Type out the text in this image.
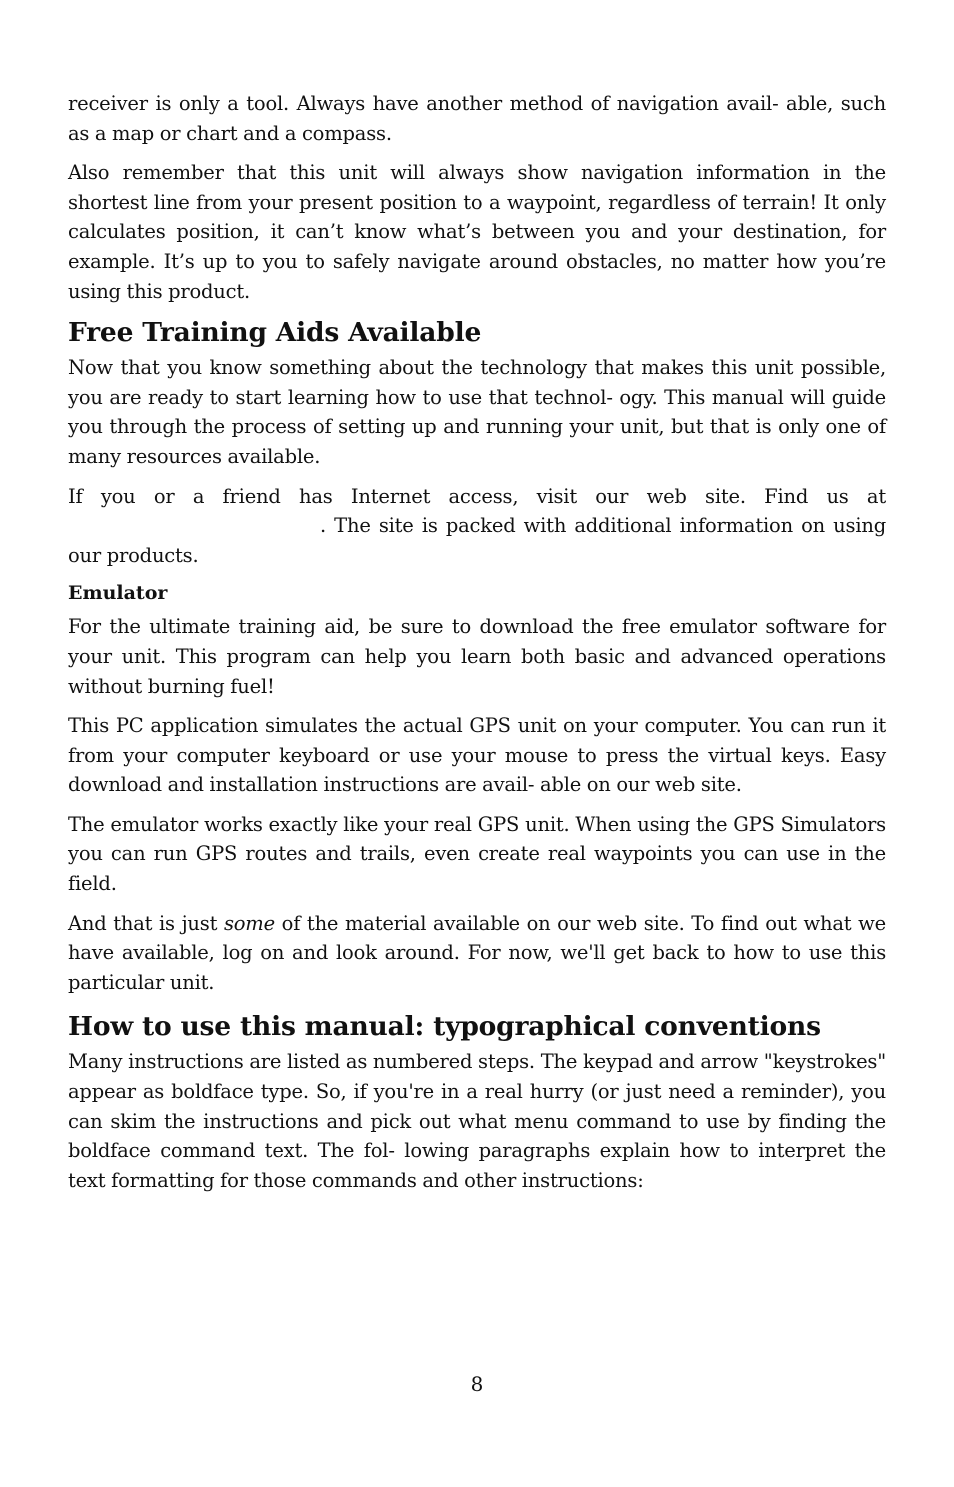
receiver is only a tool. Always have another method of navigation avail- able, such as a map or chart and a compass.

Also remember that this unit will always show navigation information in the shortest line from your present position to a waypoint, regardless of terrain! It only calculates position, it can’t know what’s between you and your destination, for example. It’s up to you to safely navigate around obstacles, no matter how you’re using this product.

Free Training Aids Available

Now that you know something about the technology that makes this unit possible, you are ready to start learning how to use that technol- ogy. This manual will guide you through the process of setting up and running your unit, but that is only one of many resources available.

If you or a friend has Internet access, visit our web site. Find us at . The site is packed with additional information on using our products.

Emulator

For the ultimate training aid, be sure to download the free emulator software for your unit. This program can help you learn both basic and advanced operations without burning fuel!

This PC application simulates the actual GPS unit on your computer. You can run it from your computer keyboard or use your mouse to press the virtual keys. Easy download and installation instructions are avail- able on our web site.

The emulator works exactly like your real GPS unit. When using the GPS Simulators you can run GPS routes and trails, even create real waypoints you can use in the field.

And that is just some of the material available on our web site. To find out what we have available, log on and look around. For now, we'll get back to how to use this particular unit.

How to use this manual: typographical conventions

Many instructions are listed as numbered steps. The keypad and arrow "keystrokes" appear as boldface type. So, if you're in a real hurry (or just need a reminder), you can skim the instructions and pick out what menu command to use by finding the boldface command text. The fol- lowing paragraphs explain how to interpret the text formatting for those commands and other instructions:

8
